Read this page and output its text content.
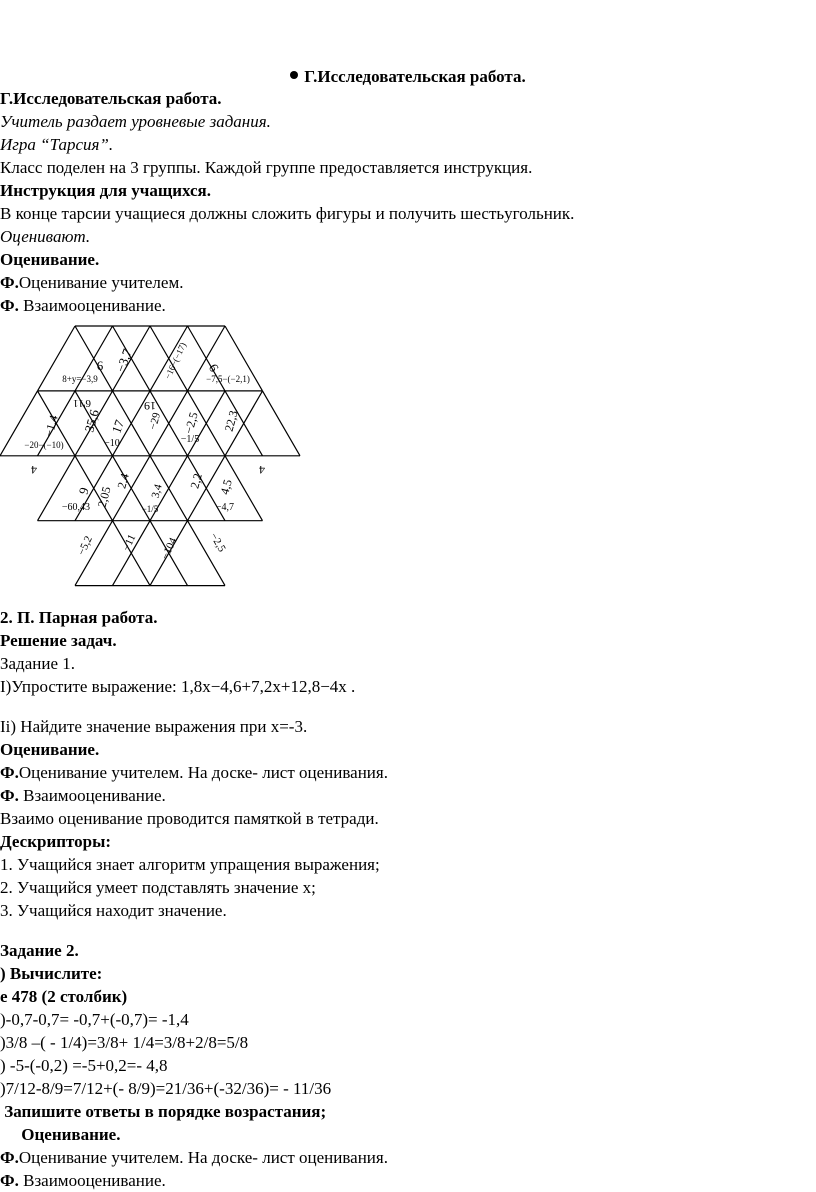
Г.Исследовательская работа.
Г.Исследовательская работа.
Учитель раздает уровневые задания.
Игра “Тарсия”.
Класс поделен на 3 группы. Каждой группе предоставляется инструкция.
Инструкция для учащихся.
В конце тарсии учащиеся должны сложить фигуры и получить шестьугольник.
Оценивают.
Оценивание.
Ф.Оценивание учителем.
Ф. Взаимооценивание.
6 −3,7	−16−(−17) 6
8+y=−3,9	−7,5−(−2,1)
6'11	19
−1,4 35,6 17 −29 −2,5 22,3
−20−(−10)	−10	−1/5
4
9 2,05
2,4
3,4
2,2 4,5
4
−60,43	−1/5	−4,7
−5,2 −11 −104	−2,5
2. П. Парная работа.
Решение задач.
Задание 1.
I)Упростите выражение: 1,8x−4,6+7,2x+12,8−4x .
Ii) Найдите значение выражения при x=-3.
Оценивание.
Ф.Оценивание учителем. На доске- лист оценивания.
Ф. Взаимооценивание.
Взаимо оценивание проводится памяткой в тетради.
Дескрипторы:
1. Учащийся знает алгоритм упращения выражения;
2. Учащийся умеет подставлять значение x;
3. Учащийся находит значение.
Задание 2.
) Вычислите:
е 478 (2 столбик)
)-0,7-0,7= -0,7+(-0,7)= -1,4
)3/8 –( - 1/4)=3/8+ 1/4=3/8+2/8=5/8
) -5-(-0,2) =-5+0,2=- 4,8
)7/12-8/9=7/12+(- 8/9)=21/36+(-32/36)= - 11/36
Запишите ответы в порядке возрастания;
Оценивание.
Ф.Оценивание учителем. На доске- лист оценивания.
Ф. Взаимооценивание.
